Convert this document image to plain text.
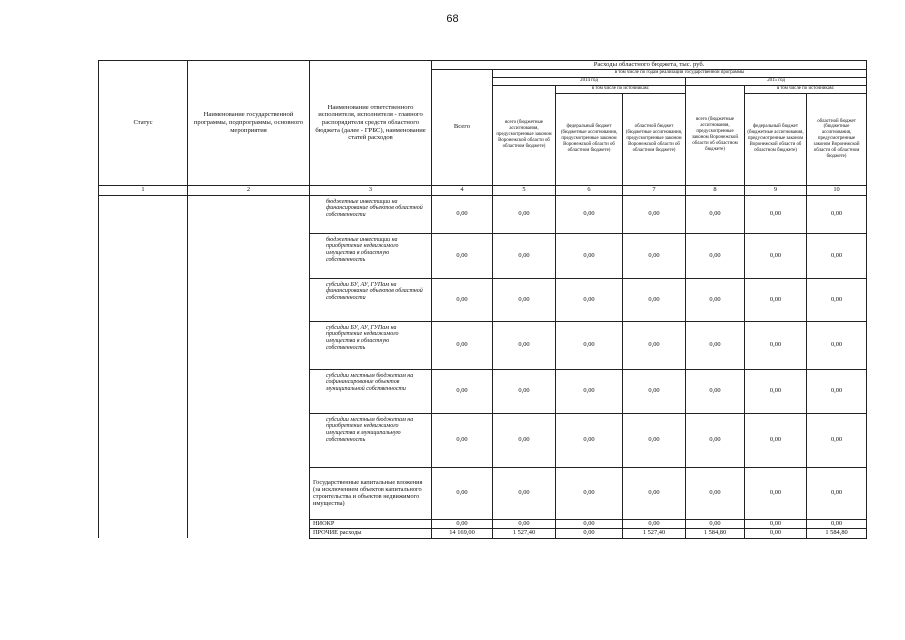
68
Статус	Наименование государственной программы, подпрограммы, основного мероприятия	Наименование ответственного исполнителя, исполнителя - главного распорядителя средств областного бюджета (далее - ГРБС), наименование статей расходов	Расходы областного бюджета, тыс. руб.						
			Всего	в том числе по годам реализации государственной программы					
				2014 год			2015 год		
				всего (бюджетные ассигнования, предусмотренные законом Воронежской области об областном бюджете)	в том числе по источникам:		всего (бюджетные ассигнования, предусмотренные законом Воронежской области об областном бюджете)	в том числе по источникам:	
					федеральный бюджет (бюджетные ассигнования, предусмотренные законом Воронежской области об областном бюджете)	областной бюджет (бюджетные ассигнования, предусмотренные законом Воронежской области об областном бюджете)		федеральный бюджет (бюджетные ассигнования, предусмотренные законом Воронежской области об областном бюджете)	областной бюджет (бюджетные ассигнования, предусмотренные законом Воронежской области об областном бюджете)
1	2	3	4	5	6	7	8	9	10
		бюджетные инвестиции на финансирование объектов областной собственности	0,00	0,00	0,00	0,00	0,00	0,00	0,00
		бюджетные инвестиции на приобретение недвижимого имущества в областную собственность	0,00	0,00	0,00	0,00	0,00	0,00	0,00
		субсидии БУ, АУ, ГУПам на финансирование объектов областной собственности	0,00	0,00	0,00	0,00	0,00	0,00	0,00
		субсидии БУ, АУ, ГУПам на приобретение недвижимого имущества в областную собственность	0,00	0,00	0,00	0,00	0,00	0,00	0,00
		субсидии местным бюджетам на софинансирование объектов муниципальной собственности	0,00	0,00	0,00	0,00	0,00	0,00	0,00
		субсидии местным бюджетам на приобретение недвижимого имущества в муниципальную собственность	0,00	0,00	0,00	0,00	0,00	0,00	0,00
		Государственные капитальные вложения (за исключением объектов капитального строительства и объектов недвижимого имущества)	0,00	0,00	0,00	0,00	0,00	0,00	0,00
		НИОКР	0,00	0,00	0,00	0,00	0,00	0,00	0,00
		ПРОЧИЕ расходы	14 169,00	1 527,40	0,00	1 527,40	1 584,80	0,00	1 584,80
